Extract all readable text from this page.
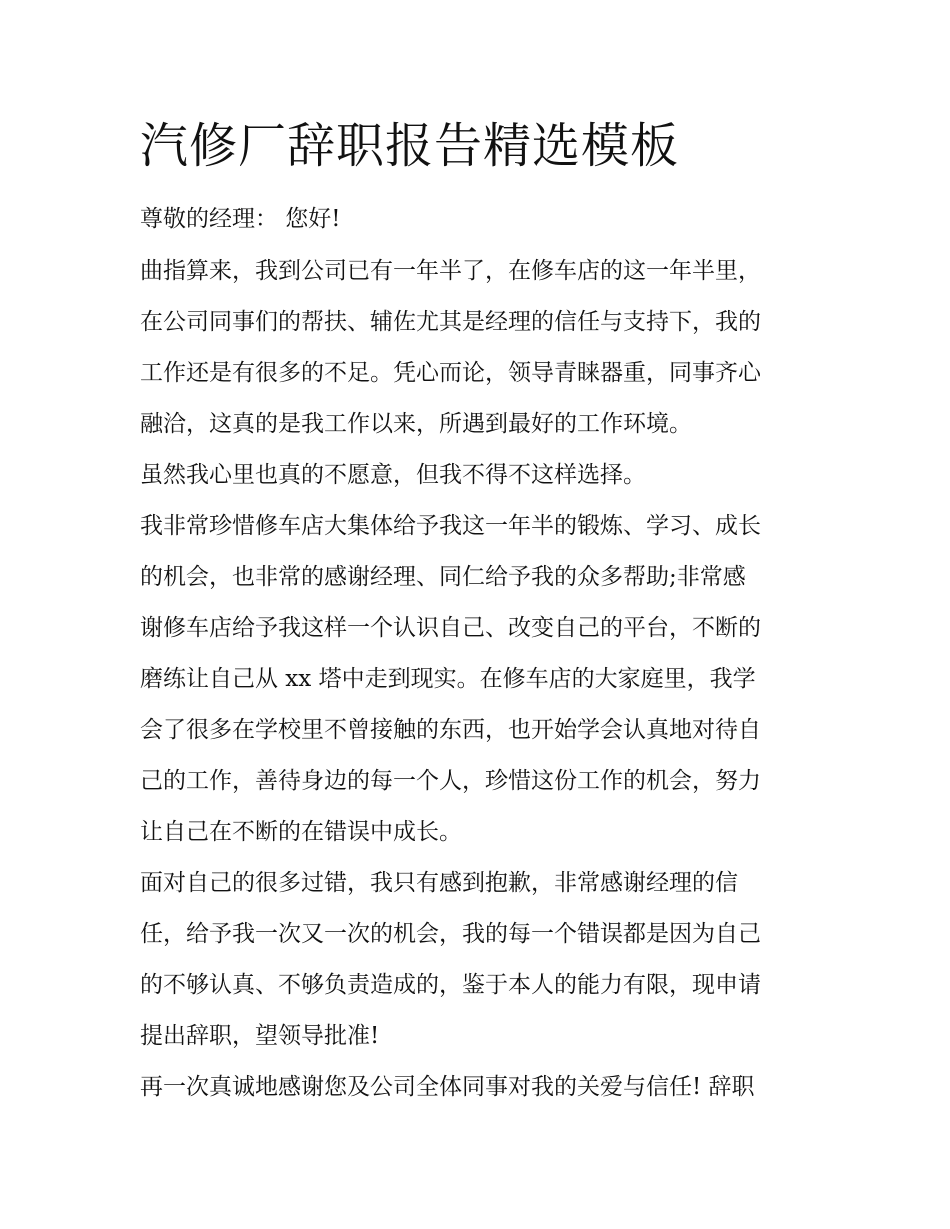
汽修厂辞职报告精选模板

尊敬的经理： 您好!

曲指算来，我到公司已有一年半了，在修车店的这一年半里，
在公司同事们的帮扶、辅佐尤其是经理的信任与支持下，我的
工作还是有很多的不足。凭心而论，领导青睐器重，同事齐心
融洽，这真的是我工作以来，所遇到最好的工作环境。
虽然我心里也真的不愿意，但我不得不这样选择。
我非常珍惜修车店大集体给予我这一年半的锻炼、学习、成长
的机会，也非常的感谢经理、同仁给予我的众多帮助;非常感
谢修车店给予我这样一个认识自己、改变自己的平台，不断的
磨练让自己从 xx 塔中走到现实。在修车店的大家庭里，我学
会了很多在学校里不曾接触的东西，也开始学会认真地对待自
己的工作，善待身边的每一个人，珍惜这份工作的机会，努力
让自己在不断的在错误中成长。
面对自己的很多过错，我只有感到抱歉，非常感谢经理的信
任，给予我一次又一次的机会，我的每一个错误都是因为自己
的不够认真、不够负责造成的，鉴于本人的能力有限，现申请
提出辞职，望领导批准!
再一次真诚地感谢您及公司全体同事对我的关爱与信任! 辞职
